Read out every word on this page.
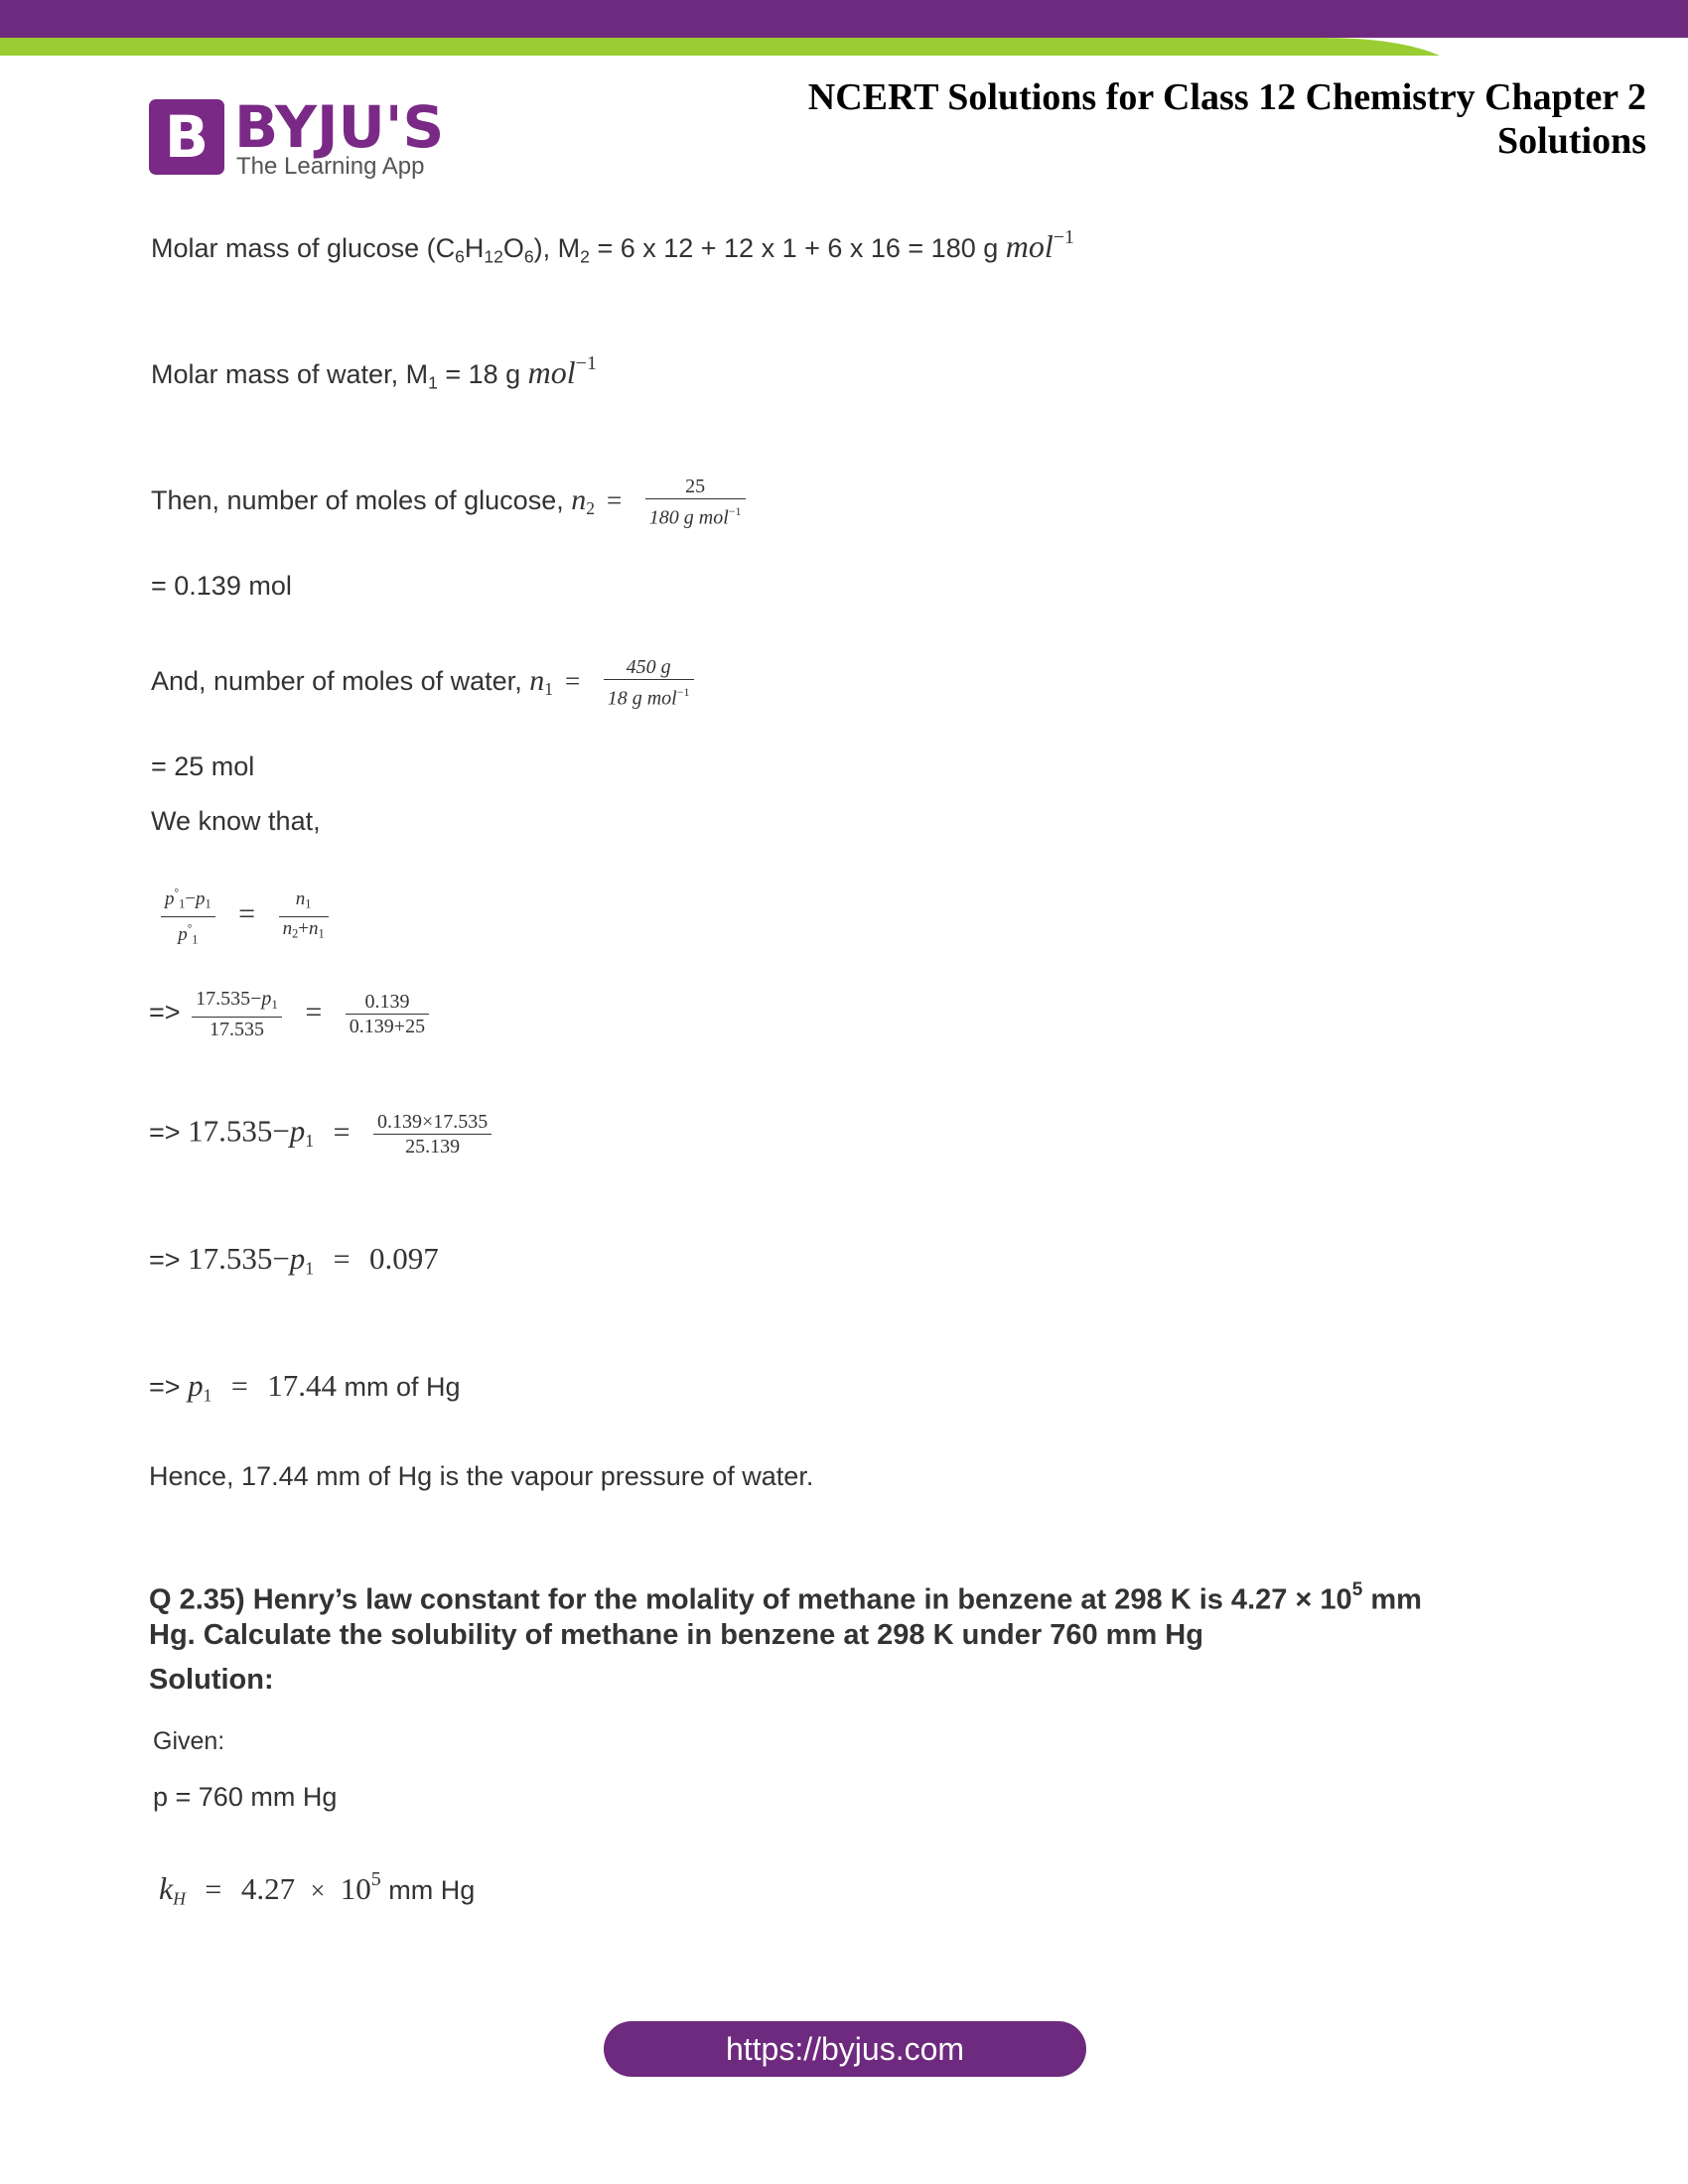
B BYJU'S
The Learning App
NCERT Solutions for Class 12 Chemistry Chapter 2
Solutions
Molar mass of glucose $(C_6H_{12}O_6)$, $M_2 = 6$ x 12 + 12 x 1 + 6 x 16 = 180 g mol$^{-1}$
Molar mass of water, $M_1 = 18$ g mol$^{-1}$
Then, number of moles of glucose, $n_2 = \frac{25}{180 g mol^{-1}}$
= 0.139 mol
And, number of moles of water, $n_1 = \frac{450 g}{18 g mol^{-1}}$
= 25 mol
We know that,
$\frac{p^\circ_1-p_1}{p^\circ_1} = \frac{n_1}{n_2+n_1}$
=> $\frac{17.535-p_1}{17.535} = \frac{0.139}{0.139+25}$
=> $17.535-p_1 = \frac{0.139\times 17.535}{25.139}$
=> $17.535-p_1 = 0.097$
=> $p_1 = 17.44$ mm of Hg
Hence, 17.44 mm of Hg is the vapour pressure of water.
Q 2.35) Henry’s law constant for the molality of methane in benzene at 298 K is $4.27 \times 10^5$ mm
Hg. Calculate the solubility of methane in benzene at 298 K under 760 mm Hg
Solution:
Given:
p = 760 mm Hg
$k_H = 4.27 \times 10^5$ mm Hg
https://byjus.com
